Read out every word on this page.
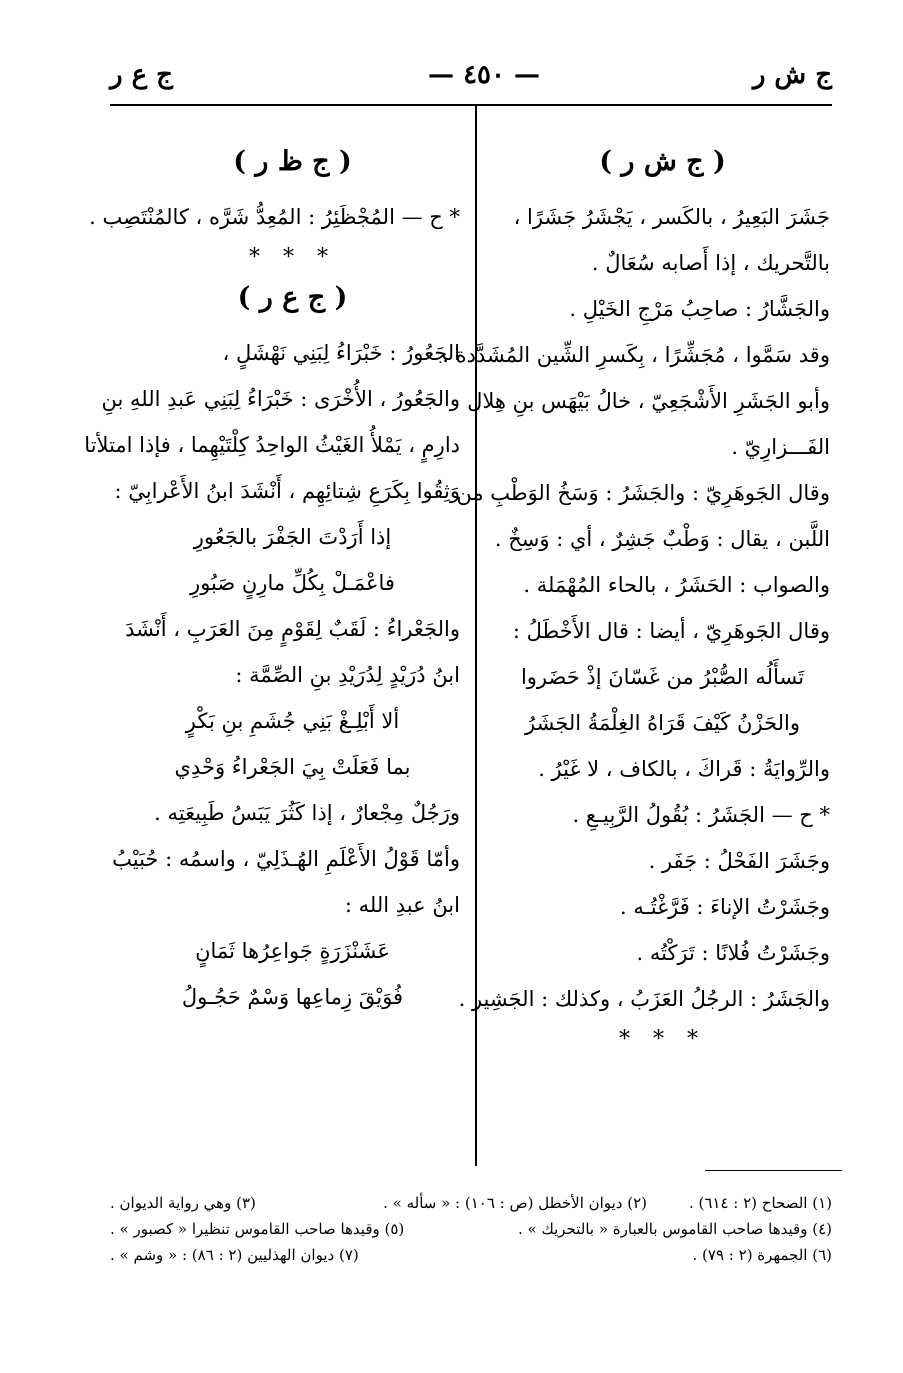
ج ش ر
— ٤٥٠ —
ج ع ر
( ج ش ر )
جَشَرَ البَعِيرُ ، بالكَسر ، يَجْشَرُ جَشَرًا ،
بالتَّحريك ، إذا أَصابه سُعَالٌ .
والجَشَّارُ : صاحِبُ مَرْجِ الخَيْلِ .
وقد سَمَّوا ، مُجَشِّرًا ، بِكَسرِ الشِّين المُشَدَّدة .
وأبو الجَشَرِ الأَشْجَعِيّ ، خالُ بَيْهَس بنِ هِلال
الفَـــزارِيّ .
وقال الجَوهَرِيّ : والجَشَرُ : وَسَخُ الوَطْبِ من
اللَّبن ، يقال : وَطْبٌ جَشِرٌ ، أي : وَسِخٌ .
والصواب : الحَشَرُ ، بالحاء المُهْمَلة .
وقال الجَوهَرِيّ ، أيضا : قال الأَخْطَلُ :
تَسأَلُه الصُّبْرُ من غَسّانَ إذْ حَضَروا
والحَزْنُ كَيْفَ قَرَاهُ الغِلْمَةُ الجَشَرُ
والرِّوايَةُ : قَراكَ ، بالكاف ، لا غَيْرُ .
* ح — الجَشَرُ : بُقُولُ الرَّبِيـعِ .
وجَشَرَ الفَحْلُ : جَفَر .
وجَشَرْتُ الإناءَ : فَرَّغْتُـه .
وجَشَرْتُ فُلانًا : تَرَكْتُه .
والجَشَرُ : الرجُلُ العَزَبُ ، وكذلك : الجَشِير .
* * *
( ج ظ ر )
* ح — المُجْظَئِرُ : المُعِدُّ شَرَّه ، كالمُنْتَصِب .
* * *
( ج ع ر )
الجَعُورُ : خَبْرَاءُ لِبَنِي نَهْشَلٍ ،
والجَعُورُ ، الأُخْرَى : خَبْرَاءُ لِبَنِي عَبدِ اللهِ بنِ
دارِمٍ ، يَمْلأُ الغَيْثُ الواحِدُ كِلْتَيْهِما ، فإذا امتلأتا
وَثِقُوا بِكَرَعِ شِتائِهِم ، أَنْشَدَ ابنُ الأَعْرابِيّ :
إذا أَرَدْتَ الجَفْرَ بالجَعُورِ
فاعْمَـلْ بِكُلِّ مارِنٍ صَبُورِ
والجَعْراءُ : لَقَبٌ لِقَوْمٍ مِنَ العَرَبِ ، أَنْشَدَ
ابنُ دُرَيْدٍ لِدُرَيْدِ بنِ الصِّمَّة :
ألا أَبْلِـغْ بَنِي جُشَمِ بنِ بَكْرٍ
بما فَعَلَتْ بِيَ الجَعْراءُ وَحْدِي
ورَجُلٌ مِجْعارٌ ، إذا كَثُرَ يَبَسُ طَبِيعَتِه .
وأمّا قَوْلُ الأَعْلَمِ الهُـذَلِيّ ، واسمُه : حُبَيْبُ
ابنُ عبدِ الله :
عَشَنْزَرَةٍ جَواعِرُها ثَمَانٍ
فُوَيْقَ زِماعِها وَسْمٌ حَجُـولُ
(١) الصحاح (٢ : ٦١٤) .
(٢) ديوان الأخطل (ص : ١٠٦) : « سأله » .
(٣) وهي رواية الديوان .
(٤) وقيدها صاحب القاموس بالعبارة « بالتحريك » .
(٥) وقيدها صاحب القاموس تنظيرا « كصبور » .
(٦) الجمهرة (٢ : ٧٩) .
(٧) ديوان الهذليين (٢ : ٨٦) : « وشم » .
